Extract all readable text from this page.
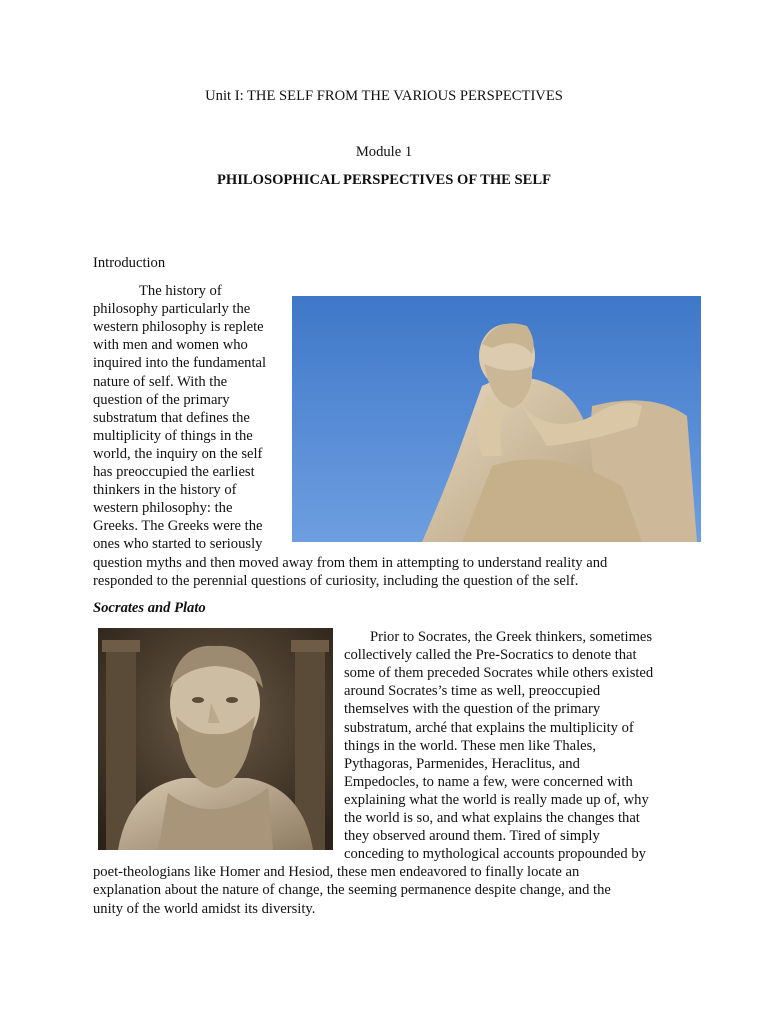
Unit I: THE SELF FROM THE VARIOUS PERSPECTIVES
Module 1
PHILOSOPHICAL PERSPECTIVES OF THE SELF
Introduction
The history of
philosophy particularly the
western philosophy is replete
with men and women who
inquired into the fundamental
nature of self. With the
question of the primary
substratum that defines the
multiplicity of things in the
world, the inquiry on the self
has preoccupied the earliest
thinkers in the history of
western philosophy: the
Greeks. The Greeks were the
ones who started to seriously
question myths and then moved away from them in attempting to understand reality and
responded to the perennial questions of curiosity, including the question of the self.
Socrates and Plato
Prior to Socrates, the Greek thinkers, sometimes
collectively called the Pre-Socratics to denote that
some of them preceded Socrates while others existed
around Socrates’s time as well, preoccupied
themselves with the question of the primary
substratum, arché that explains the multiplicity of
things in the world. These men like Thales,
Pythagoras, Parmenides, Heraclitus, and
Empedocles, to name a few, were concerned with
explaining what the world is really made up of, why
the world is so, and what explains the changes that
they observed around them. Tired of simply
conceding to mythological accounts propounded by
poet-theologians like Homer and Hesiod, these men endeavored to finally locate an
explanation about the nature of change, the seeming permanence despite change, and the
unity of the world amidst its diversity.
